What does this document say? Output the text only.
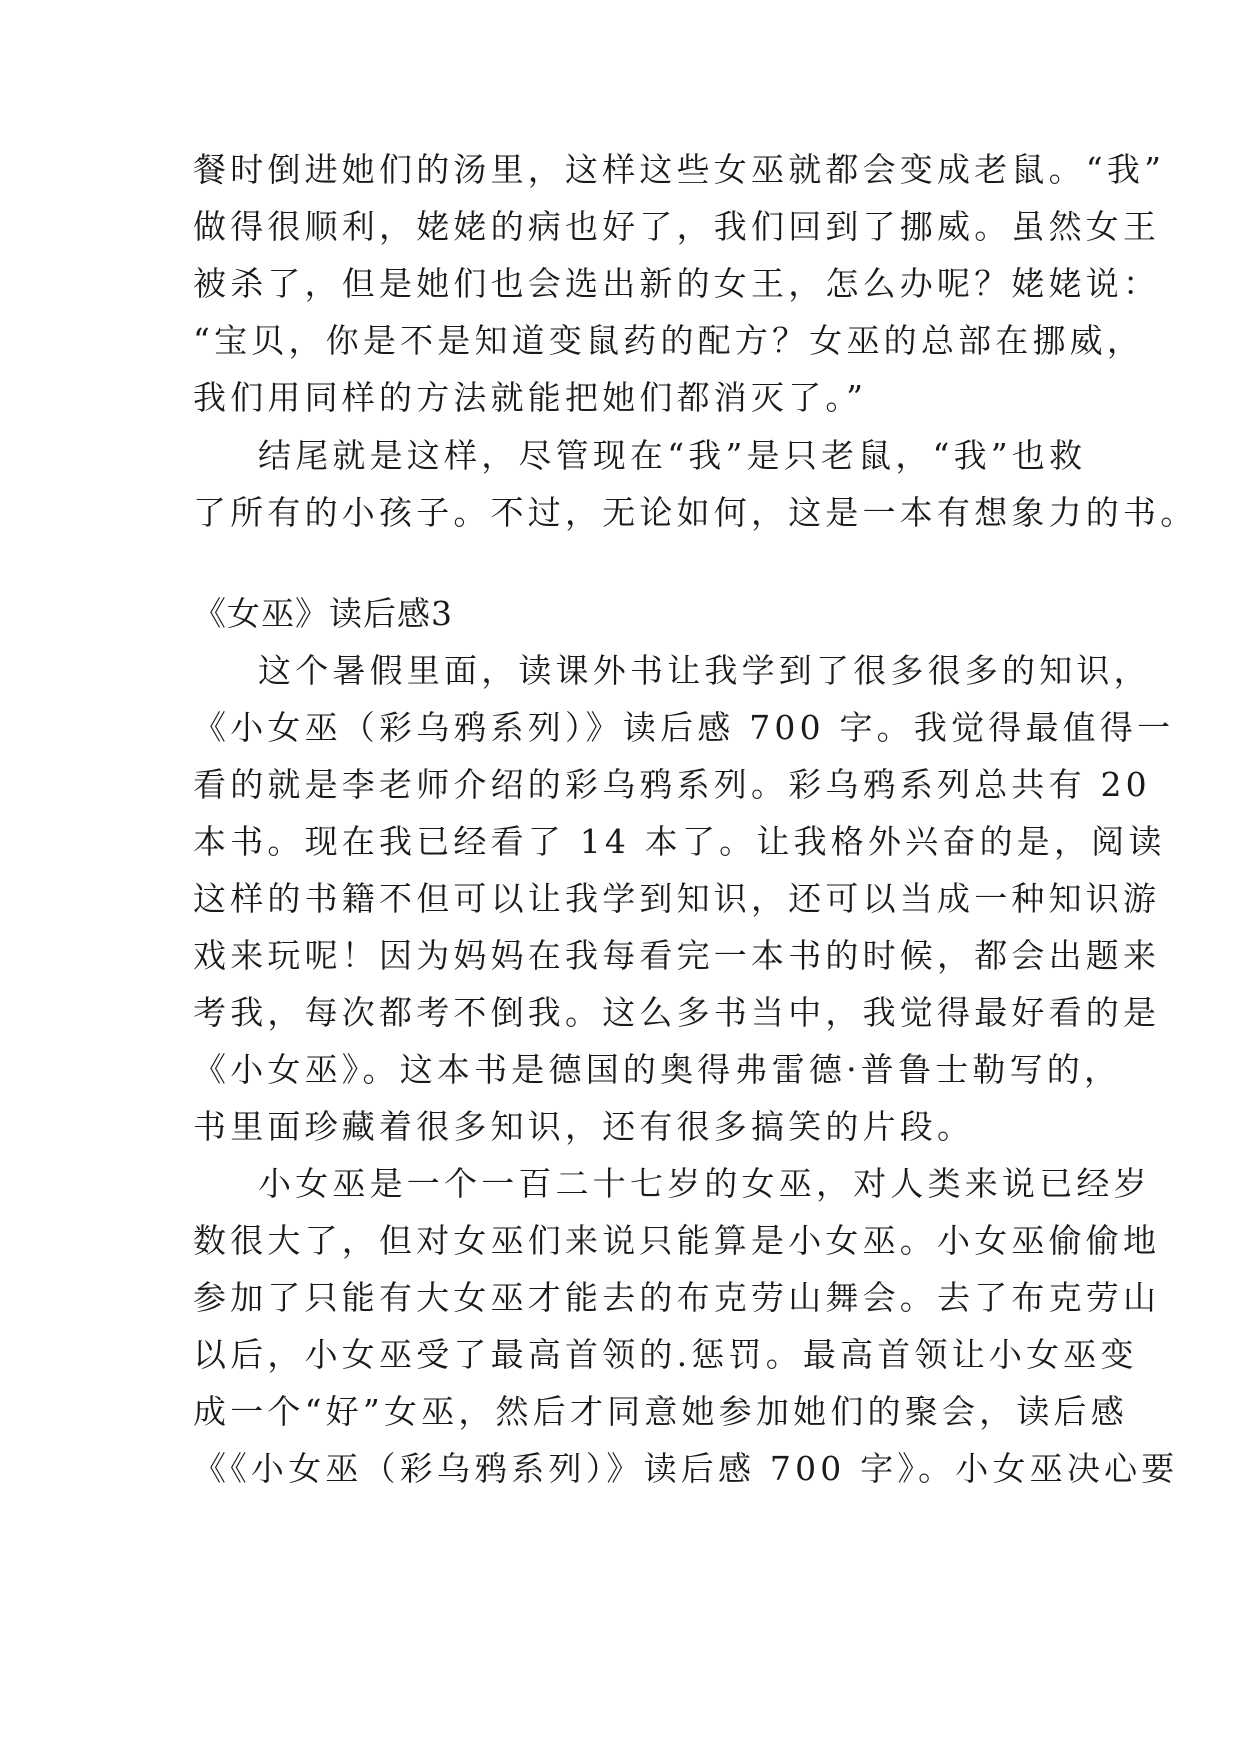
餐时倒进她们的汤里，这样这些女巫就都会变成老鼠。“我”
做得很顺利，姥姥的病也好了，我们回到了挪威。虽然女王
被杀了，但是她们也会选出新的女王，怎么办呢？姥姥说：
“宝贝，你是不是知道变鼠药的配方？女巫的总部在挪威，
我们用同样的方法就能把她们都消灭了。”
结尾就是这样，尽管现在“我”是只老鼠，“我”也救
了所有的小孩子。不过，无论如何，这是一本有想象力的书。
《女巫》读后感3
这个暑假里面，读课外书让我学到了很多很多的知识，
《小女巫（彩乌鸦系列）》读后感 700 字。我觉得最值得一
看的就是李老师介绍的彩乌鸦系列。彩乌鸦系列总共有 20
本书。现在我已经看了 14 本了。让我格外兴奋的是，阅读
这样的书籍不但可以让我学到知识，还可以当成一种知识游
戏来玩呢！因为妈妈在我每看完一本书的时候，都会出题来
考我，每次都考不倒我。这么多书当中，我觉得最好看的是
《小女巫》。这本书是德国的奥得弗雷德·普鲁士勒写的，
书里面珍藏着很多知识，还有很多搞笑的片段。
小女巫是一个一百二十七岁的女巫，对人类来说已经岁
数很大了，但对女巫们来说只能算是小女巫。小女巫偷偷地
参加了只能有大女巫才能去的布克劳山舞会。去了布克劳山
以后，小女巫受了最高首领的.惩罚。最高首领让小女巫变
成一个“好”女巫，然后才同意她参加她们的聚会，读后感
《《小女巫（彩乌鸦系列）》读后感 700 字》。小女巫决心要
